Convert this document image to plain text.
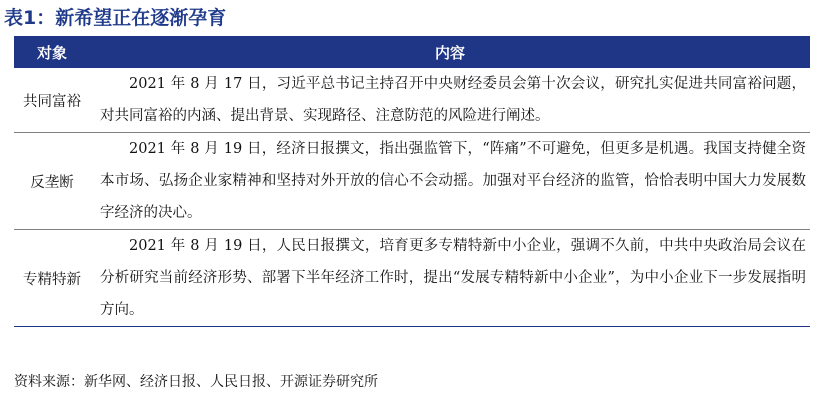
表1：新希望正在逐渐孕育
对象	内容
共同富裕
2021 年 8 月 17 日，习近平总书记主持召开中央财经委员会第十次会议，研究扎实促进共同富裕问题，对共同富裕的内涵、提出背景、实现路径、注意防范的风险进行阐述。
反垄断
2021 年 8 月 19 日，经济日报撰文，指出强监管下，“阵痛”不可避免，但更多是机遇。我国支持健全资本市场、弘扬企业家精神和坚持对外开放的信心不会动摇。加强对平台经济的监管，恰恰表明中国大力发展数字经济的决心。
专精特新
2021 年 8 月 19 日，人民日报撰文，培育更多专精特新中小企业，强调不久前，中共中央政治局会议在分析研究当前经济形势、部署下半年经济工作时，提出“发展专精特新中小企业”，为中小企业下一步发展指明方向。
资料来源：新华网、经济日报、人民日报、开源证券研究所
